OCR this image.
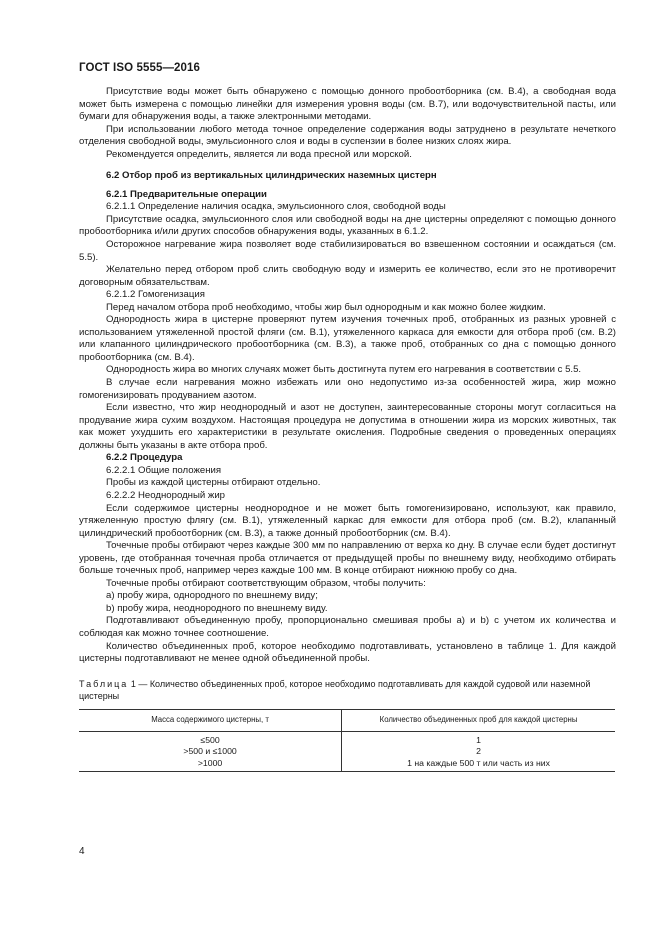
ГОСТ ISO 5555—2016

Присутствие воды может быть обнаружено с помощью донного пробоотборника (см. В.4), а свободная вода может быть измерена с помощью линейки для измерения уровня воды (см. В.7), или водочувствительной пасты, или бумаги для обнаружения воды, а также электронными методами.

При использовании любого метода точное определение содержания воды затруднено в результате нечеткого отделения свободной воды, эмульсионного слоя и воды в суспензии в более низких слоях жира.

Рекомендуется определить, является ли вода пресной или морской.

6.2 Отбор проб из вертикальных цилиндрических наземных цистерн

6.2.1 Предварительные операции

6.2.1.1 Определение наличия осадка, эмульсионного слоя, свободной воды

Присутствие осадка, эмульсионного слоя или свободной воды на дне цистерны определяют с помощью донного пробоотборника и/или других способов обнаружения воды, указанных в 6.1.2.

Осторожное нагревание жира позволяет воде стабилизироваться во взвешенном состоянии и осаждаться (см. 5.5).

Желательно перед отбором проб слить свободную воду и измерить ее количество, если это не противоречит договорным обязательствам.

6.2.1.2 Гомогенизация

Перед началом отбора проб необходимо, чтобы жир был однородным и как можно более жидким.

Однородность жира в цистерне проверяют путем изучения точечных проб, отобранных из разных уровней с использованием утяжеленной простой фляги (см. В.1), утяжеленного каркаса для емкости для отбора проб (см. В.2) или клапанного цилиндрического пробоотборника (см. В.3), а также проб, отобранных со дна с помощью донного пробоотборника (см. В.4).

Однородность жира во многих случаях может быть достигнута путем его нагревания в соответствии с 5.5.

В случае если нагревания можно избежать или оно недопустимо из-за особенностей жира, жир можно гомогенизировать продуванием азотом.

Если известно, что жир неоднородный и азот не доступен, заинтересованные стороны могут согласиться на продувание жира сухим воздухом. Настоящая процедура не допустима в отношении жира из морских животных, так как может ухудшить его характеристики в результате окисления. Подробные сведения о проведенных операциях должны быть указаны в акте отбора проб.

6.2.2 Процедура

6.2.2.1 Общие положения

Пробы из каждой цистерны отбирают отдельно.

6.2.2.2 Неоднородный жир

Если содержимое цистерны неоднородное и не может быть гомогенизировано, используют, как правило, утяжеленную простую флягу (см. В.1), утяжеленный каркас для емкости для отбора проб (см. В.2), клапанный цилиндрический пробоотборник (см. В.3), а также донный пробоотборник (см. В.4).

Точечные пробы отбирают через каждые 300 мм по направлению от верха ко дну. В случае если будет достигнут уровень, где отобранная точечная проба отличается от предыдущей пробы по внешнему виду, необходимо отбирать больше точечных проб, например через каждые 100 мм. В конце отбирают нижнюю пробу со дна.

Точечные пробы отбирают соответствующим образом, чтобы получить:

a) пробу жира, однородного по внешнему виду;

b) пробу жира, неоднородного по внешнему виду.

Подготавливают объединенную пробу, пропорционально смешивая пробы a) и b) с учетом их количества и соблюдая как можно точнее соотношение.

Количество объединенных проб, которое необходимо подготавливать, установлено в таблице 1. Для каждой цистерны подготавливают не менее одной объединенной пробы.

Таблица 1 — Количество объединенных проб, которое необходимо подготавливать для каждой судовой или наземной цистерны

Масса содержимого цистерны, т	Количество объединенных проб для каждой цистерны

≤500	1
>500 и ≤1000	2
>1000	1 на каждые 500 т или часть из них
4
